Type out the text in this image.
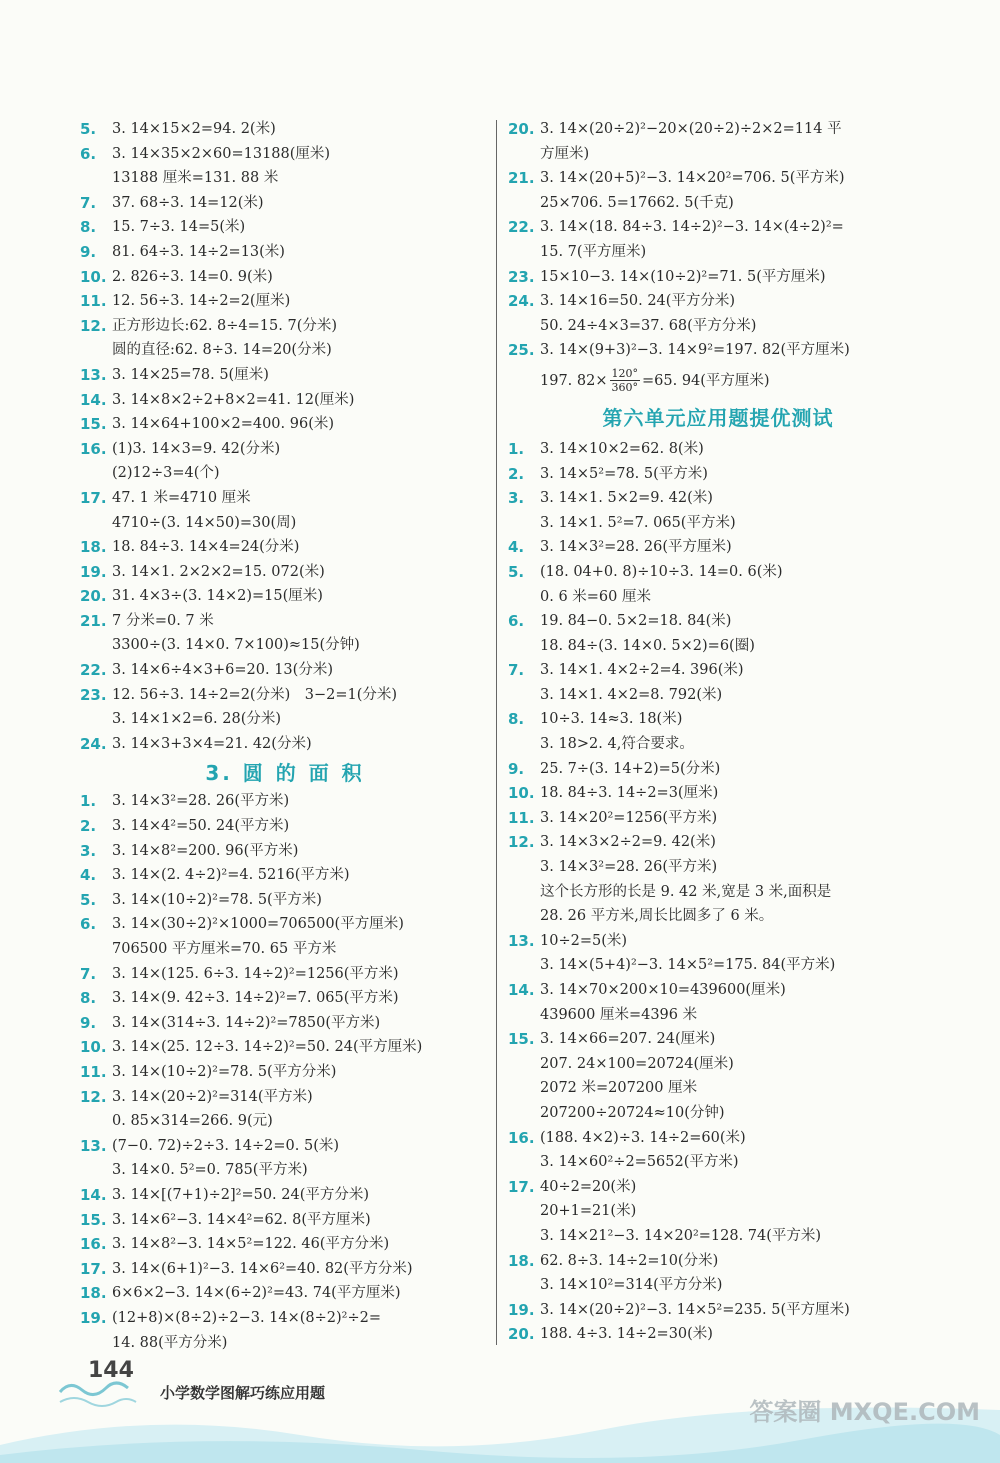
5.	3. 14×15×2=94. 2(米)
6.	3. 14×35×2×60=13188(厘米)
13188 厘米=131. 88 米
7.	37. 68÷3. 14=12(米)
8.	15. 7÷3. 14=5(米)
9.	81. 64÷3. 14÷2=13(米)
10. 2. 826÷3. 14=0. 9(米)
11. 12. 56÷3. 14÷2=2(厘米)
12. 正方形边长:62. 8÷4=15. 7(分米)
圆的直径:62. 8÷3. 14=20(分米)
13. 3. 14×25=78. 5(厘米)
14. 3. 14×8×2÷2+8×2=41. 12(厘米)
15. 3. 14×64+100×2=400. 96(米)
16. (1)3. 14×3=9. 42(分米)
(2)12÷3=4(个)
17. 47. 1 米=4710 厘米
4710÷(3. 14×50)=30(周)
18. 18. 84÷3. 14×4=24(分米)
19. 3. 14×1. 2×2×2=15. 072(米)
20. 31. 4×3÷(3. 14×2)=15(厘米)
21. 7 分米=0. 7 米
3300÷(3. 14×0. 7×100)≈15(分钟)
22. 3. 14×6÷4×3+6=20. 13(分米)
23. 12. 56÷3. 14÷2=2(分米)　3−2=1(分米)
3. 14×1×2=6. 28(分米)
24. 3. 14×3+3×4=21. 42(分米)
3. 圆 的 面 积
1.	3. 14×3²=28. 26(平方米)
2.	3. 14×4²=50. 24(平方米)
3.	3. 14×8²=200. 96(平方米)
4.	3. 14×(2. 4÷2)²=4. 5216(平方米)
5.	3. 14×(10÷2)²=78. 5(平方米)
6.	3. 14×(30÷2)²×1000=706500(平方厘米)
706500 平方厘米=70. 65 平方米
7.	3. 14×(125. 6÷3. 14÷2)²=1256(平方米)
8.	3. 14×(9. 42÷3. 14÷2)²=7. 065(平方米)
9.	3. 14×(314÷3. 14÷2)²=7850(平方米)
10. 3. 14×(25. 12÷3. 14÷2)²=50. 24(平方厘米)
11. 3. 14×(10÷2)²=78. 5(平方分米)
12. 3. 14×(20÷2)²=314(平方米)
0. 85×314=266. 9(元)
13. (7−0. 72)÷2÷3. 14÷2=0. 5(米)
3. 14×0. 5²=0. 785(平方米)
14. 3. 14×[(7+1)÷2]²=50. 24(平方分米)
15. 3. 14×6²−3. 14×4²=62. 8(平方厘米)
16. 3. 14×8²−3. 14×5²=122. 46(平方分米)
17. 3. 14×(6+1)²−3. 14×6²=40. 82(平方分米)
18. 6×6×2−3. 14×(6÷2)²=43. 74(平方厘米)
19. (12+8)×(8÷2)÷2−3. 14×(8÷2)²÷2=
14. 88(平方分米)
20. 3. 14×(20÷2)²−20×(20÷2)÷2×2=114 平
方厘米)
21. 3. 14×(20+5)²−3. 14×20²=706. 5(平方米)
25×706. 5=17662. 5(千克)
22. 3. 14×(18. 84÷3. 14÷2)²−3. 14×(4÷2)²=
15. 7(平方厘米)
23. 15×10−3. 14×(10÷2)²=71. 5(平方厘米)
24. 3. 14×16=50. 24(平方分米)
50. 24÷4×3=37. 68(平方分米)
25. 3. 14×(9+3)²−3. 14×9²=197. 82(平方厘米)
197. $82\times \frac{120^\circ}{360^\circ} =65$. 94(平方厘米)
第六单元应用题提优测试
1.	3. 14×10×2=62. 8(米)
2.	3. 14×5²=78. 5(平方米)
3.	3. 14×1. 5×2=9. 42(米)
3. 14×1. 5²=7. 065(平方米)
4.	3. 14×3²=28. 26(平方厘米)
5.	(18. 04+0. 8)÷10÷3. 14=0. 6(米)
0. 6 米=60 厘米
6.	19. 84−0. 5×2=18. 84(米)
18. 84÷(3. 14×0. 5×2)=6(圈)
7.	3. 14×1. 4×2÷2=4. 396(米)
3. 14×1. 4×2=8. 792(米)
8.	10÷3. 14≈3. 18(米)
3. 18>2. 4,符合要求。
9.	25. 7÷(3. 14+2)=5(分米)
10. 18. 84÷3. 14÷2=3(厘米)
11. 3. 14×20²=1256(平方米)
12. 3. 14×3×2÷2=9. 42(米)
3. 14×3²=28. 26(平方米)
这个长方形的长是 9. 42 米,宽是 3 米,面积是
28. 26 平方米,周长比圆多了 6 米。
13. 10÷2=5(米)
3. 14×(5+4)²−3. 14×5²=175. 84(平方米)
14. 3. 14×70×200×10=439600(厘米)
439600 厘米=4396 米
15. 3. 14×66=207. 24(厘米)
207. 24×100=20724(厘米)
2072 米=207200 厘米
207200÷20724≈10(分钟)
16. (188. 4×2)÷3. 14÷2=60(米)
3. 14×60²÷2=5652(平方米)
17. 40÷2=20(米)
20+1=21(米)
3. 14×21²−3. 14×20²=128. 74(平方米)
18. 62. 8÷3. 14÷2=10(分米)
3. 14×10²=314(平方分米)
19. 3. 14×(20÷2)²−3. 14×5²=235. 5(平方厘米)
20. 188. 4÷3. 14÷2=30(米)
144
小学数学图解巧练应用题
答案圈 MXQE.COM
